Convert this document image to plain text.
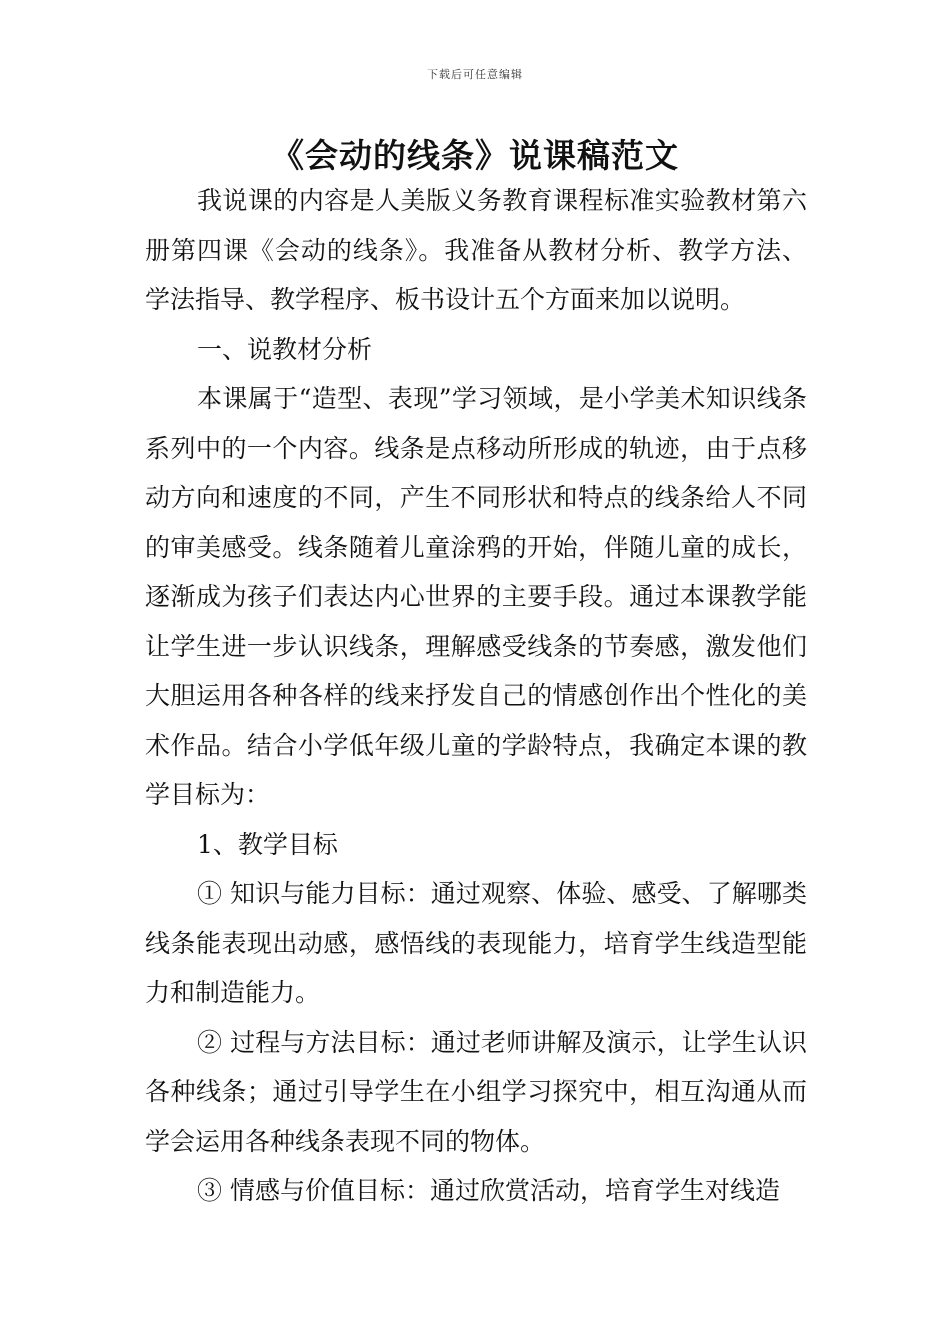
下载后可任意编辑
《会动的线条》说课稿范文

我说课的内容是人美版义务教育课程标准实验教材第六册第四课《会动的线条》。我准备从教材分析、教学方法、学法指导、教学程序、板书设计五个方面来加以说明。

一、说教材分析

本课属于“造型、表现”学习领域，是小学美术知识线条系列中的一个内容。线条是点移动所形成的轨迹，由于点移动方向和速度的不同，产生不同形状和特点的线条给人不同的审美感受。线条随着儿童涂鸦的开始，伴随儿童的成长，逐渐成为孩子们表达内心世界的主要手段。通过本课教学能让学生进一步认识线条，理解感受线条的节奏感，激发他们大胆运用各种各样的线来抒发自己的情感创作出个性化的美术作品。结合小学低年级儿童的学龄特点，我确定本课的教学目标为：

1、教学目标

① 知识与能力目标：通过观察、体验、感受、了解哪类线条能表现出动感，感悟线的表现能力，培育学生线造型能力和制造能力。

② 过程与方法目标：通过老师讲解及演示，让学生认识各种线条；通过引导学生在小组学习探究中，相互沟通从而学会运用各种线条表现不同的物体。

③ 情感与价值目标：通过欣赏活动，培育学生对线造
